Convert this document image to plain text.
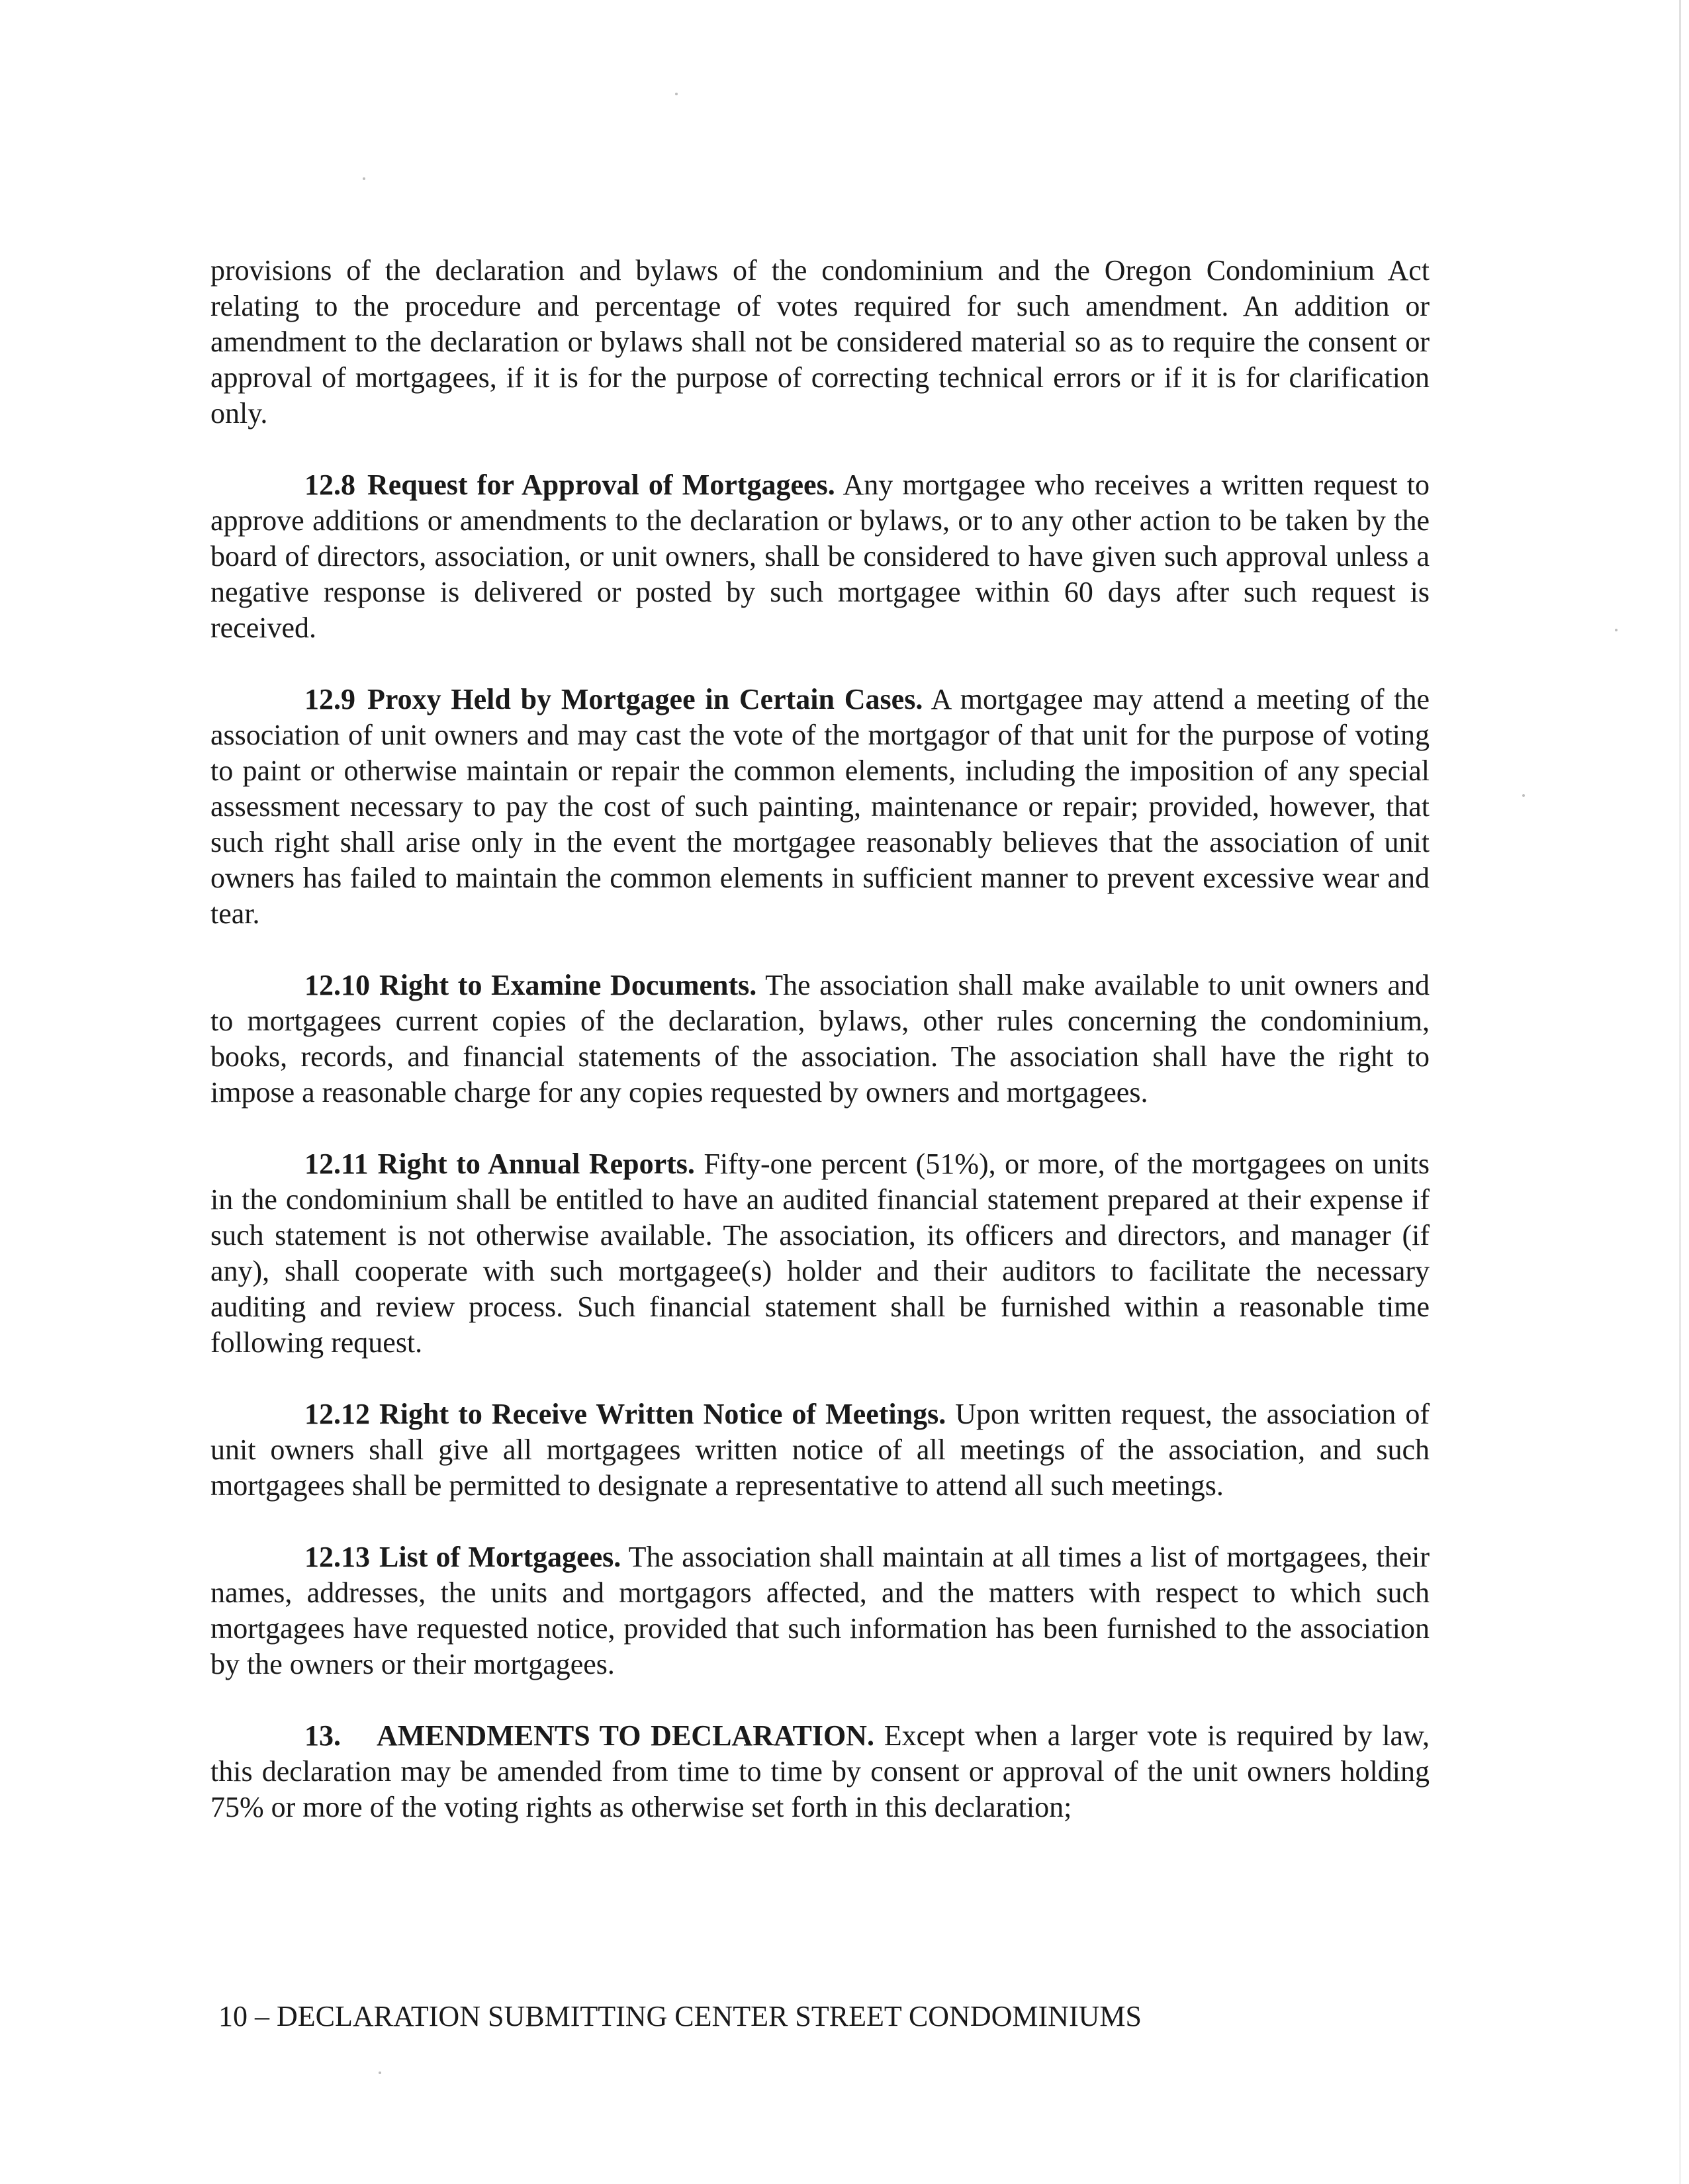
provisions of the declaration and bylaws of the condominium and the Oregon Condominium Act relating to the procedure and percentage of votes required for such amendment. An addition or amendment to the declaration or bylaws shall not be considered material so as to require the consent or approval of mortgagees, if it is for the purpose of correcting technical errors or if it is for clarification only.

12.8 Request for Approval of Mortgagees. Any mortgagee who receives a written request to approve additions or amendments to the declaration or bylaws, or to any other action to be taken by the board of directors, association, or unit owners, shall be considered to have given such approval unless a negative response is delivered or posted by such mortgagee within 60 days after such request is received.

12.9 Proxy Held by Mortgagee in Certain Cases. A mortgagee may attend a meeting of the association of unit owners and may cast the vote of the mortgagor of that unit for the purpose of voting to paint or otherwise maintain or repair the common elements, including the imposition of any special assessment necessary to pay the cost of such painting, maintenance or repair; provided, however, that such right shall arise only in the event the mortgagee reasonably believes that the association of unit owners has failed to maintain the common elements in sufficient manner to prevent excessive wear and tear.

12.10 Right to Examine Documents. The association shall make available to unit owners and to mortgagees current copies of the declaration, bylaws, other rules concerning the condominium, books, records, and financial statements of the association. The association shall have the right to impose a reasonable charge for any copies requested by owners and mortgagees.

12.11 Right to Annual Reports. Fifty-one percent (51%), or more, of the mortgagees on units in the condominium shall be entitled to have an audited financial statement prepared at their expense if such statement is not otherwise available. The association, its officers and directors, and manager (if any), shall cooperate with such mortgagee(s) holder and their auditors to facilitate the necessary auditing and review process. Such financial statement shall be furnished within a reasonable time following request.

12.12 Right to Receive Written Notice of Meetings. Upon written request, the association of unit owners shall give all mortgagees written notice of all meetings of the association, and such mortgagees shall be permitted to designate a representative to attend all such meetings.

12.13 List of Mortgagees. The association shall maintain at all times a list of mortgagees, their names, addresses, the units and mortgagors affected, and the matters with respect to which such mortgagees have requested notice, provided that such information has been furnished to the association by the owners or their mortgagees.

13. AMENDMENTS TO DECLARATION. Except when a larger vote is required by law, this declaration may be amended from time to time by consent or approval of the unit owners holding 75% or more of the voting rights as otherwise set forth in this declaration;

10 – DECLARATION SUBMITTING CENTER STREET CONDOMINIUMS
